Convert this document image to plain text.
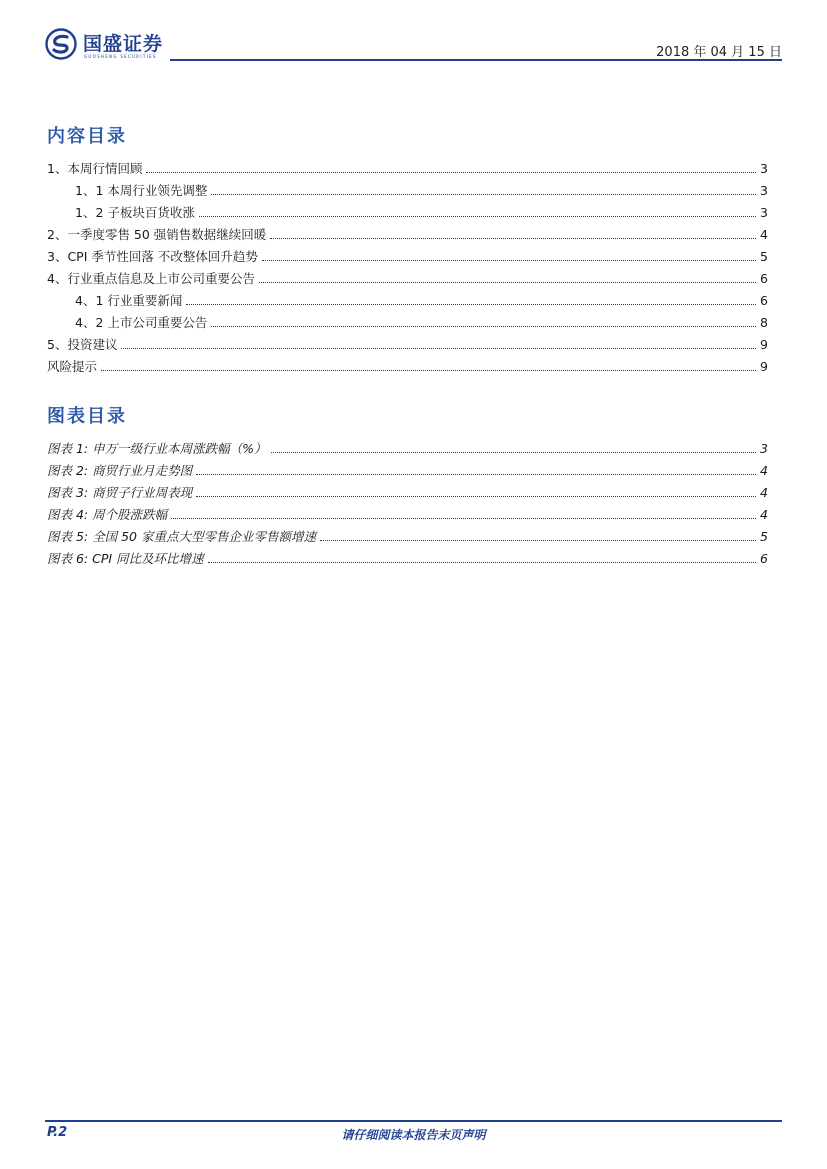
国盛证券
GUOSHENG SECURITIES	2018 年 04 月 15 日
内容目录
1、本周行情回顾	3
1、1 本周行业领先调整	3
1、2 子板块百货收涨	3
2、一季度零售 50 强销售数据继续回暖	4
3、CPI 季节性回落 不改整体回升趋势	5
4、行业重点信息及上市公司重要公告	6
4、1 行业重要新闻	6
4、2 上市公司重要公告	8
5、投资建议	9
风险提示	9
图表目录
图表 1: 申万一级行业本周涨跌幅（%）	3
图表 2: 商贸行业月走势图	4
图表 3: 商贸子行业周表现	4
图表 4: 周个股涨跌幅	4
图表 5: 全国 50 家重点大型零售企业零售额增速	5
图表 6: CPI 同比及环比增速	6
P.2	请仔细阅读本报告末页声明
